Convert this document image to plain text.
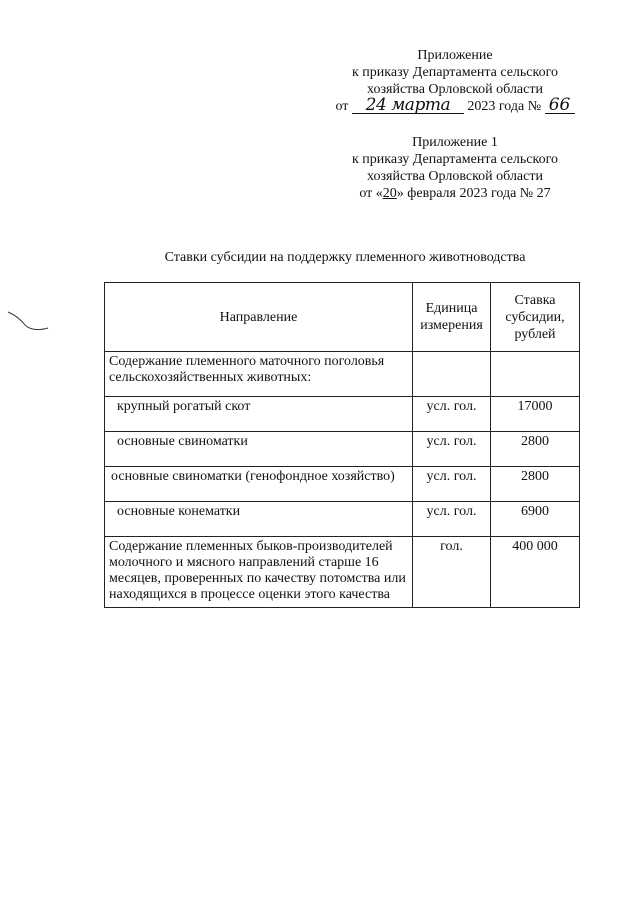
Приложение
к приказу Департамента сельского
хозяйства Орловской области
от 24 марта 2023 года № 66
Приложение 1
к приказу Департамента сельского
хозяйства Орловской области
от «20» февраля 2023 года № 27
Ставки субсидии на поддержку племенного животноводства
Направление	Единица измерения	Ставка субсидии, рублей
Содержание племенного маточного поголовья сельскохозяйственных животных:		
крупный рогатый скот	усл. гол.	17000
основные свиноматки	усл. гол.	2800
основные свиноматки (генофондное хозяйство)	усл. гол.	2800
основные конематки	усл. гол.	6900
Содержание племенных быков-производителей молочного и мясного направлений старше 16 месяцев, проверенных по качеству потомства или находящихся в процессе оценки этого качества	гол.	400 000
